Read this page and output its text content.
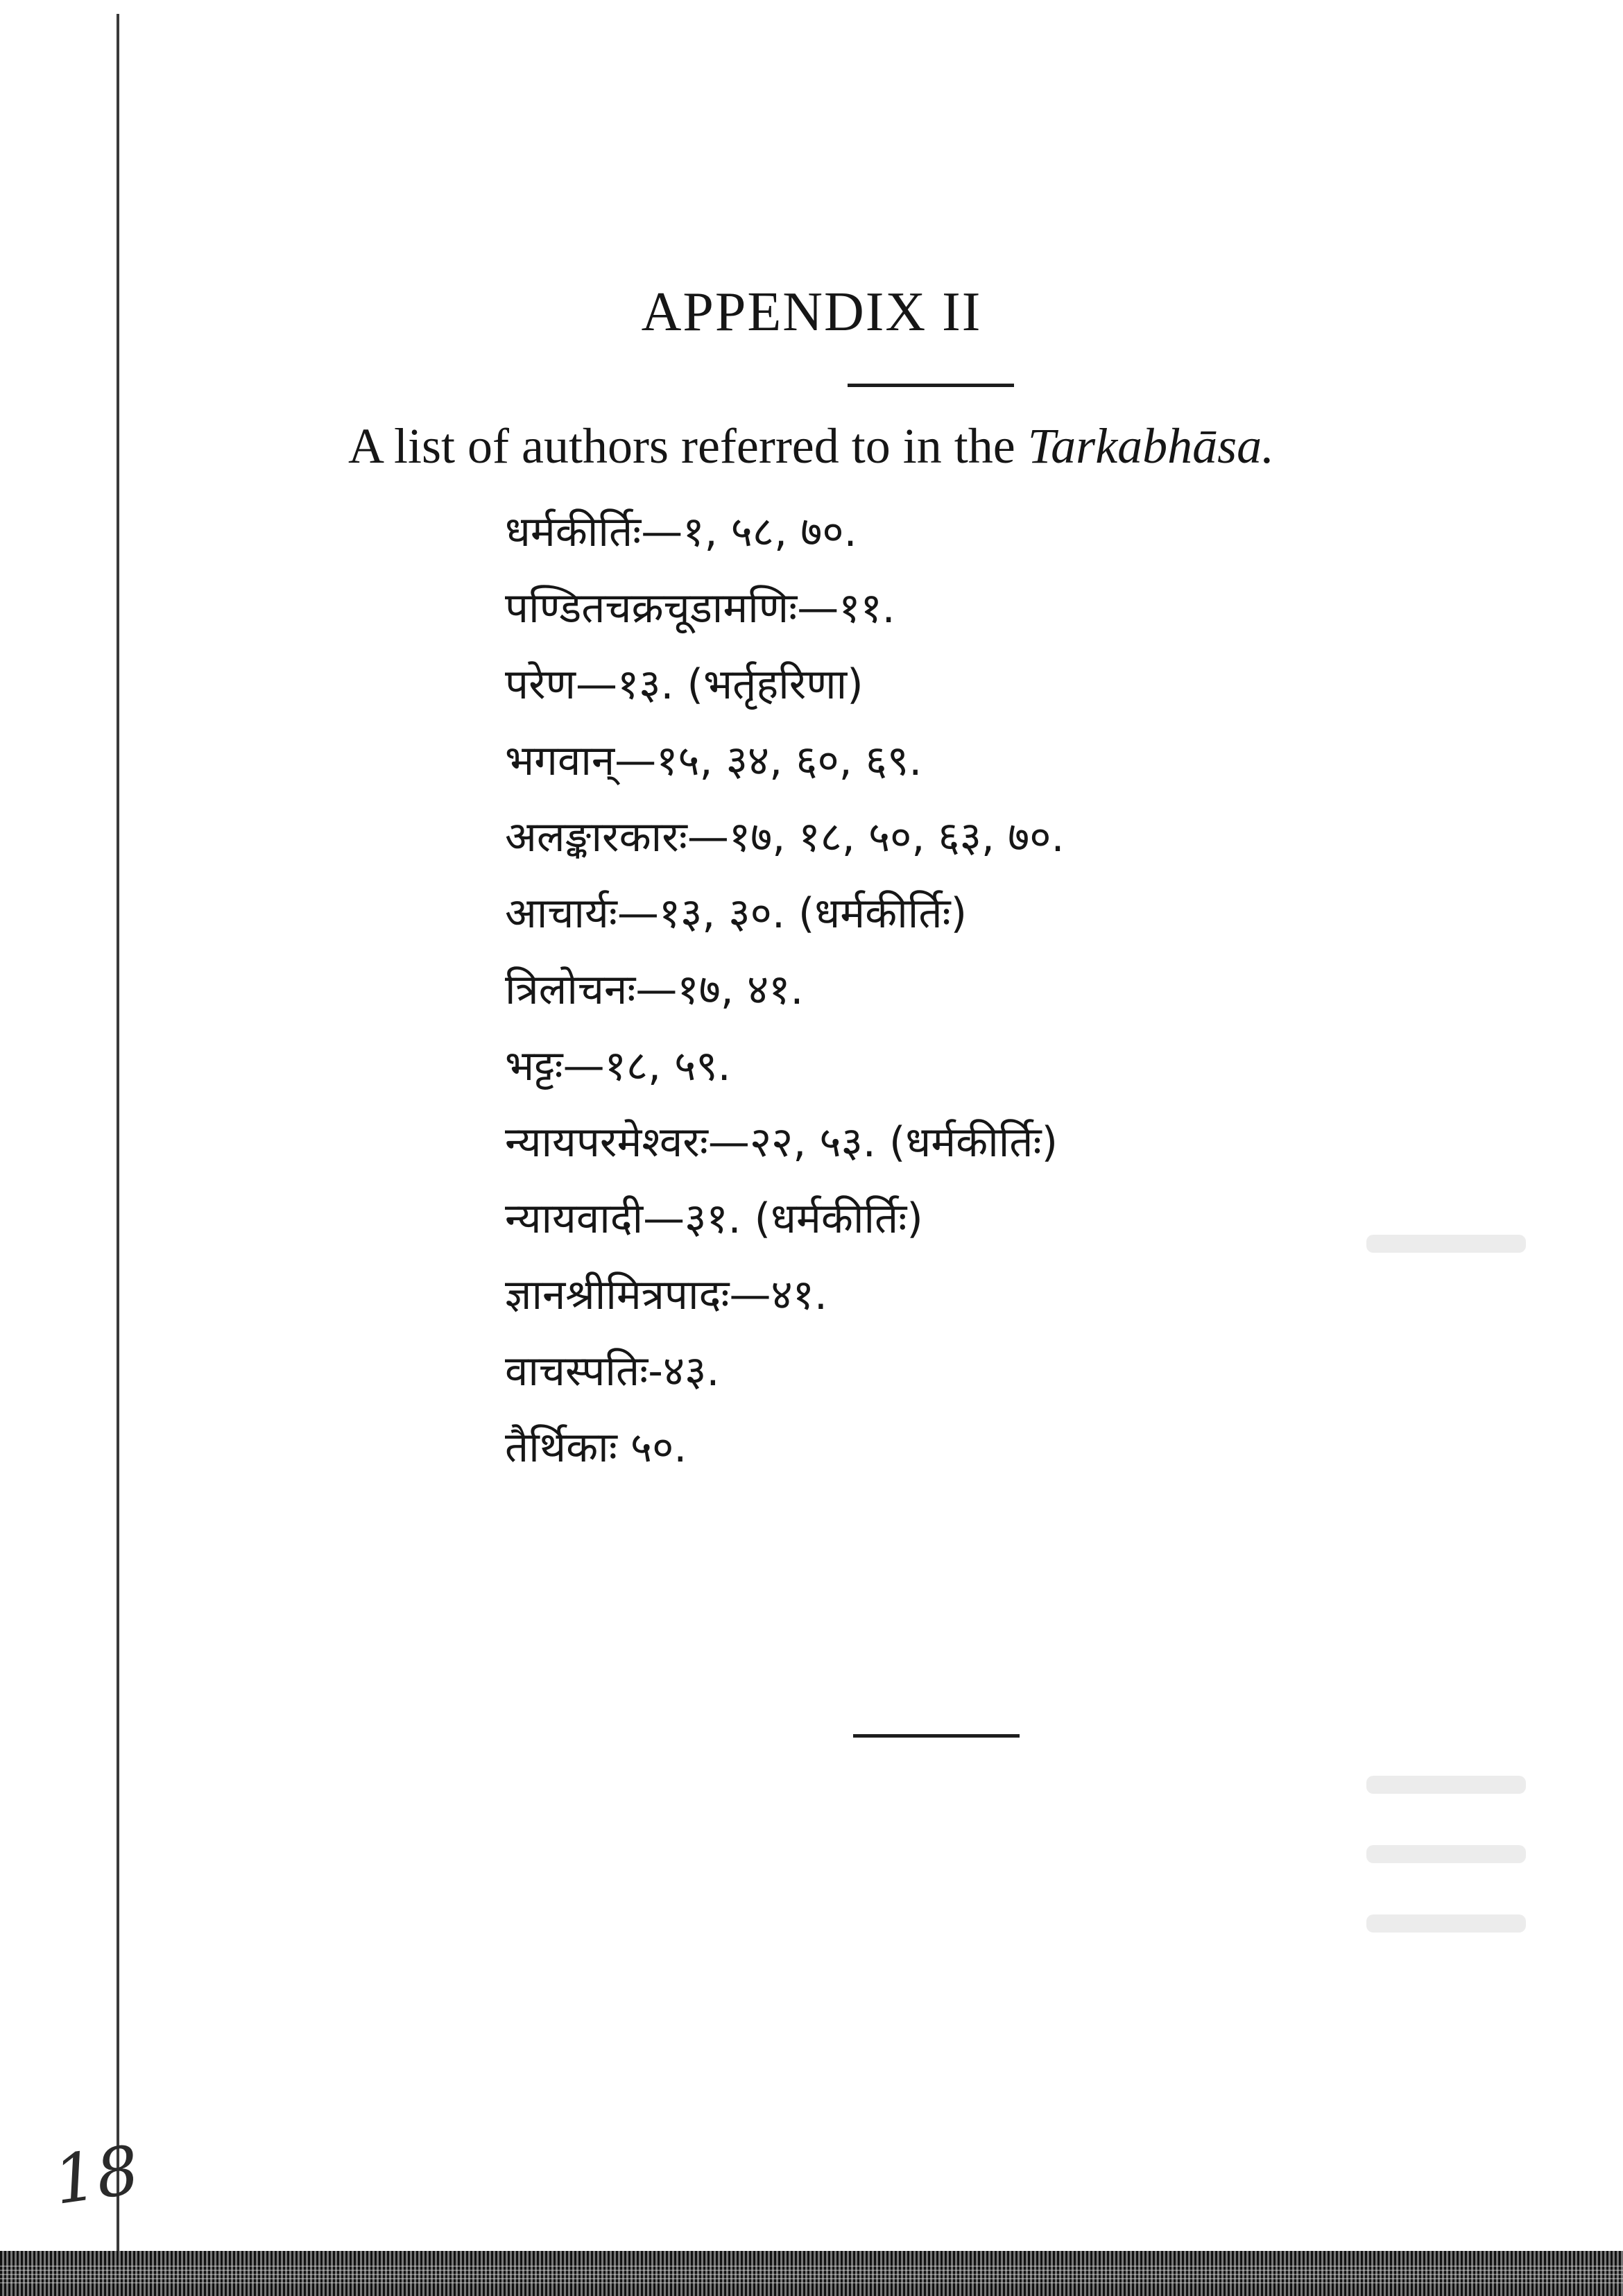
APPENDIX II
A list of authors referred to in the Tarkabhāsa.
धर्मकीर्तिः—१, ५८, ७०.
पण्डितचक्रचूडामणिः—११.
परेण—१३. (भर्तृहरिणा)
भगवान्—१५, ३४, ६०, ६९.
अलङ्कारकारः—१७, १८, ५०, ६३, ७०.
आचार्यः—१३, ३०. (धर्मकीर्तिः)
त्रिलोचनः—१७, ४१.
भट्टः—१८, ५९.
न्यायपरमेश्वरः—२२, ५३. (धर्मकीर्तिः)
न्यायवादी—३१. (धर्मकीर्तिः)
ज्ञानश्रीमित्रपादः—४१.
वाचस्पतिः-४३.
तैर्थिकाः ५०.
18
